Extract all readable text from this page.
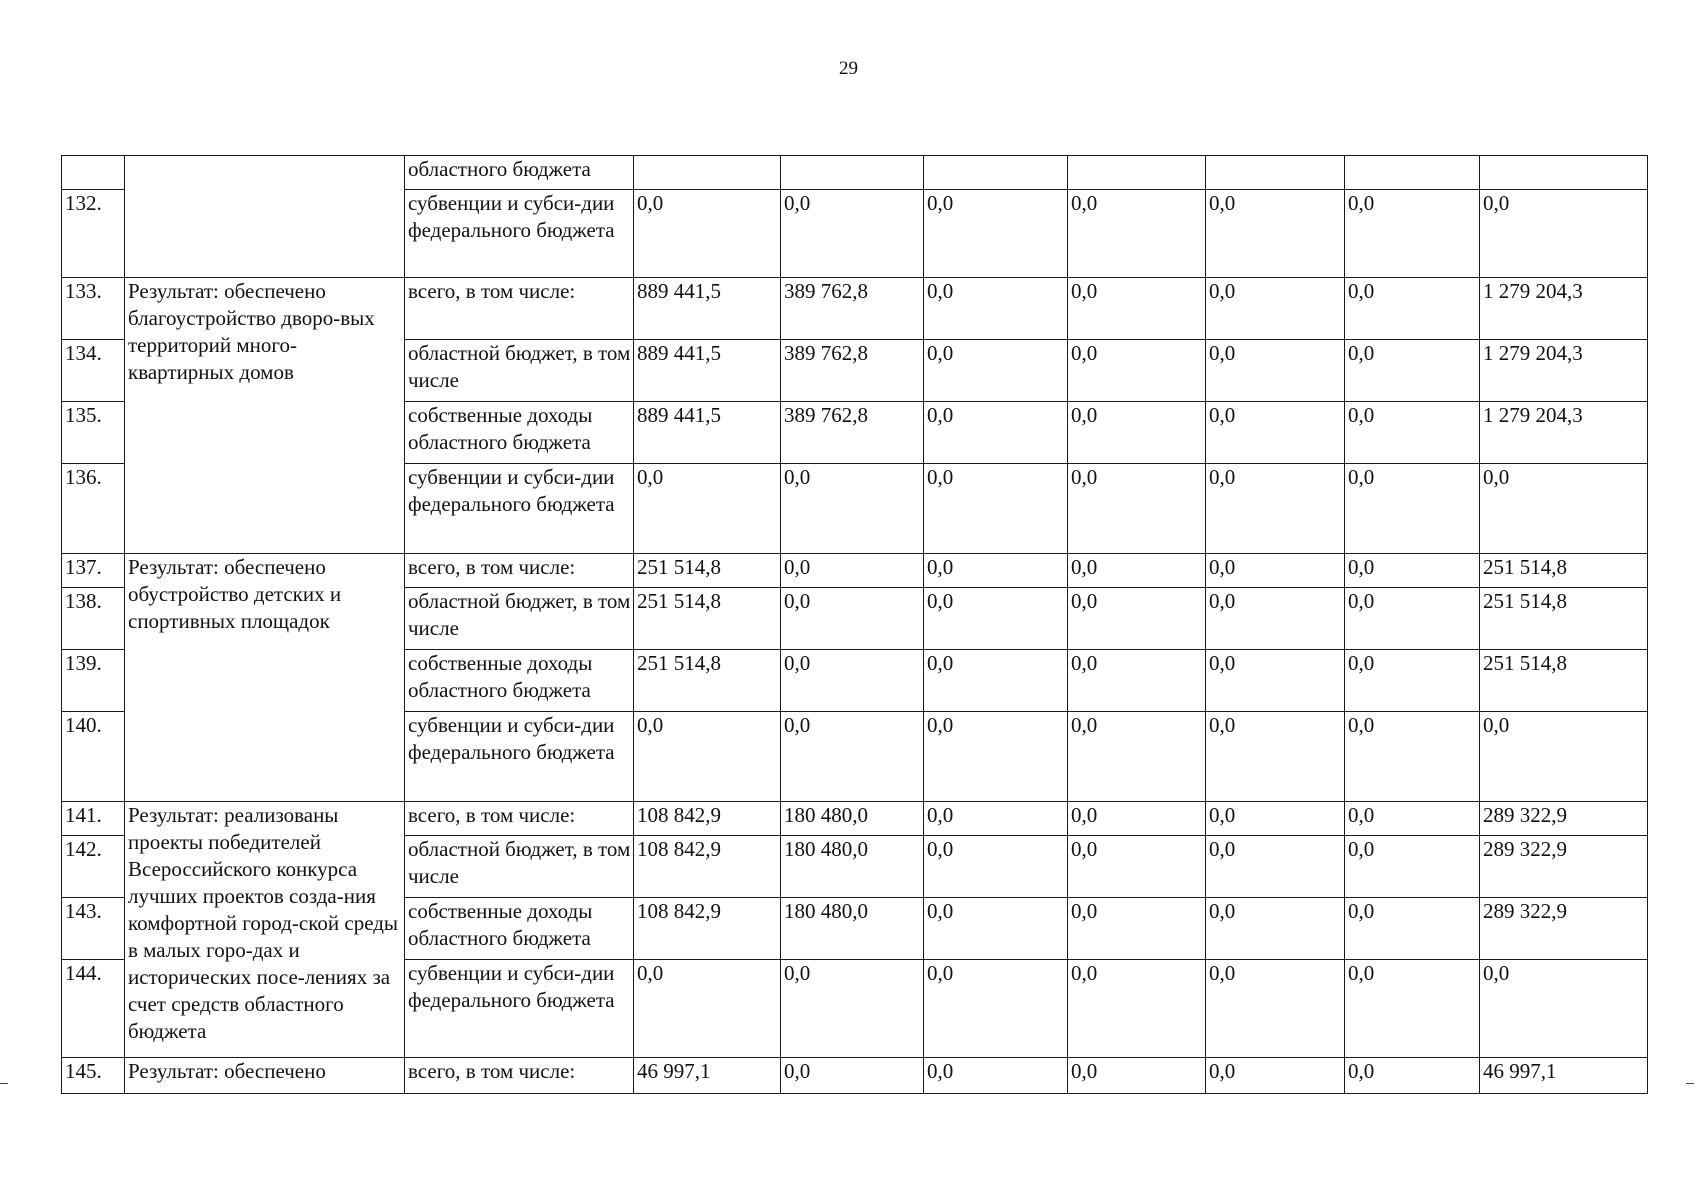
29
		областного бюджета							
132.		субвенции и субси-дии федерального бюджета	0,0	0,0	0,0	0,0	0,0	0,0	0,0
133.	Результат: обеспечено благоустройство дворо-вых территорий много-квартирных домов	всего, в том числе:	889 441,5	389 762,8	0,0	0,0	0,0	0,0	1 279 204,3
134.		областной бюджет, в том числе	889 441,5	389 762,8	0,0	0,0	0,0	0,0	1 279 204,3
135.		собственные доходы областного бюджета	889 441,5	389 762,8	0,0	0,0	0,0	0,0	1 279 204,3
136.		субвенции и субси-дии федерального бюджета	0,0	0,0	0,0	0,0	0,0	0,0	0,0
137.	Результат: обеспечено обустройство детских и спортивных площадок	всего, в том числе:	251 514,8	0,0	0,0	0,0	0,0	0,0	251 514,8
138.		областной бюджет, в том числе	251 514,8	0,0	0,0	0,0	0,0	0,0	251 514,8
139.		собственные доходы областного бюджета	251 514,8	0,0	0,0	0,0	0,0	0,0	251 514,8
140.		субвенции и субси-дии федерального бюджета	0,0	0,0	0,0	0,0	0,0	0,0	0,0
141.	Результат: реализованы проекты победителей Всероссийского конкурса лучших проектов созда-ния комфортной город-ской среды в малых горо-дах и исторических посе-лениях за счет средств областного бюджета	всего, в том числе:	108 842,9	180 480,0	0,0	0,0	0,0	0,0	289 322,9
142.		областной бюджет, в том числе	108 842,9	180 480,0	0,0	0,0	0,0	0,0	289 322,9
143.		собственные доходы областного бюджета	108 842,9	180 480,0	0,0	0,0	0,0	0,0	289 322,9
144.		субвенции и субси-дии федерального бюджета	0,0	0,0	0,0	0,0	0,0	0,0	0,0
145.	Результат: обеспечено	всего, в том числе:	46 997,1	0,0	0,0	0,0	0,0	0,0	46 997,1
